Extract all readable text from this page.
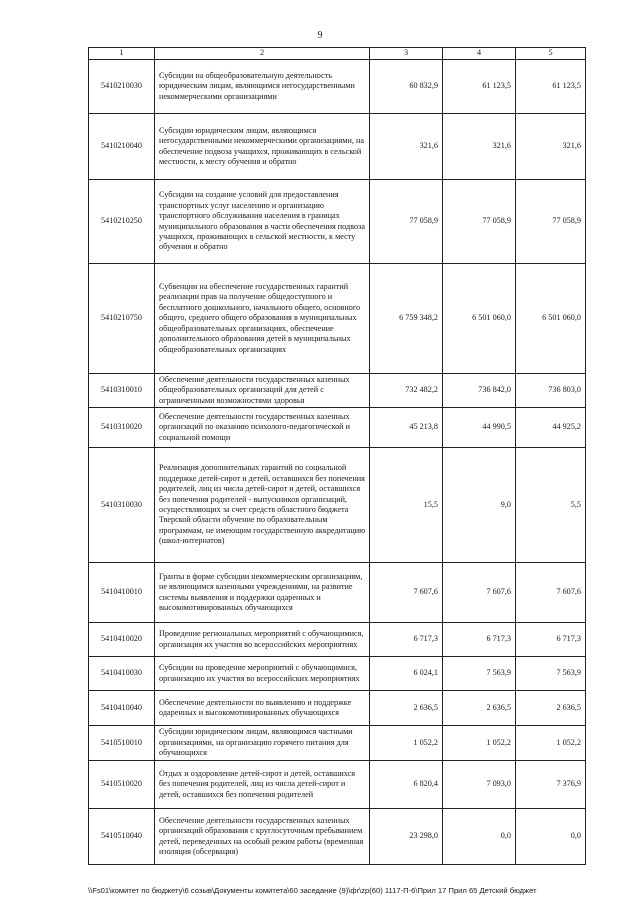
9
1	2	3	4	5
5410210030	Субсидии на общеобразовательную деятельность юридическим лицам, являющимся негосударственными некоммерческими организациями	60 832,9	61 123,5	61 123,5
5410210040	Субсидии юридическим лицам, являющимся негосударственными некоммерческими организациями, на обеспечение подвоза учащихся, проживающих в сельской местности, к месту обучения и обратно	321,6	321,6	321,6
5410210250	Субсидии на создание условий для предоставления транспортных услуг населению и организацию транспортного обслуживания населения в границах муниципального образования в части обеспечения подвоза учащихся, проживающих в сельской местности, к месту обучения и обратно	77 058,9	77 058,9	77 058,9
5410210750	Субвенции на обеспечение государственных гарантий реализации прав на получение общедоступного и бесплатного дошкольного, начального общего, основного общего, среднего общего образования в муниципальных общеобразовательных организациях, обеспечение дополнительного образования детей в муниципальных общеобразовательных организациях	6 759 348,2	6 501 060,0	6 501 060,0
5410310010	Обеспечение деятельности государственных казенных общеобразовательных организаций для детей с ограниченными возможностями здоровья	732 482,2	736 842,0	736 803,0
5410310020	Обеспечение деятельности государственных казенных организаций по оказанию психолого-педагогической и социальной помощи	45 213,8	44 990,5	44 925,2
5410310030	Реализация дополнительных гарантий по социальной поддержке детей-сирот и детей, оставшихся без попечения родителей, лиц из числа детей-сирот и детей, оставшихся без попечения родителей - выпускников организаций, осуществляющих за счет средств областного бюджета Тверской области обучение по образовательным программам, не имеющим государственную аккредитацию (школ-интернатов)	15,5	9,0	5,5
5410410010	Гранты в форме субсидии некоммерческим организациям, не являющимся казенными учреждениями, на развитие системы выявления и поддержки одаренных и высокомотивированных обучающихся	7 607,6	7 607,6	7 607,6
5410410020	Проведение региональных мероприятий с обучающимися, организация их участия во всероссийских мероприятиях	6 717,3	6 717,3	6 717,3
5410410030	Субсидии на проведение мероприятий с обучающимися, организацию их участия во всероссийских мероприятиях	6 024,1	7 563,9	7 563,9
5410410040	Обеспечение деятельности по выявлению и поддержке одаренных и высокомотивированных обучающихся	2 636,5	2 636,5	2 636,5
5410510010	Субсидии юридическим лицам, являющимся частными организациями, на организацию горячего питания для обучающихся	1 052,2	1 052,2	1 052,2
5410510020	Отдых и оздоровление детей-сирот и детей, оставшихся без попечения родителей, лиц из числа детей-сирот и детей, оставшихся без попечения родителей	6 820,4	7 093,0	7 376,9
5410510040	Обеспечение деятельности государственных казенных организаций образования с круглосуточным пребыванием детей, переведенных на особый режим работы (временная изоляция (обсервация)	23 298,0	0,0	0,0
\\Fs01\комитет по бюджету\6 созыв\Документы комитета\60 заседание (9)\фr\zp(60) 1117-П-6\Прил 17 Прил 65 Детский бюджет
